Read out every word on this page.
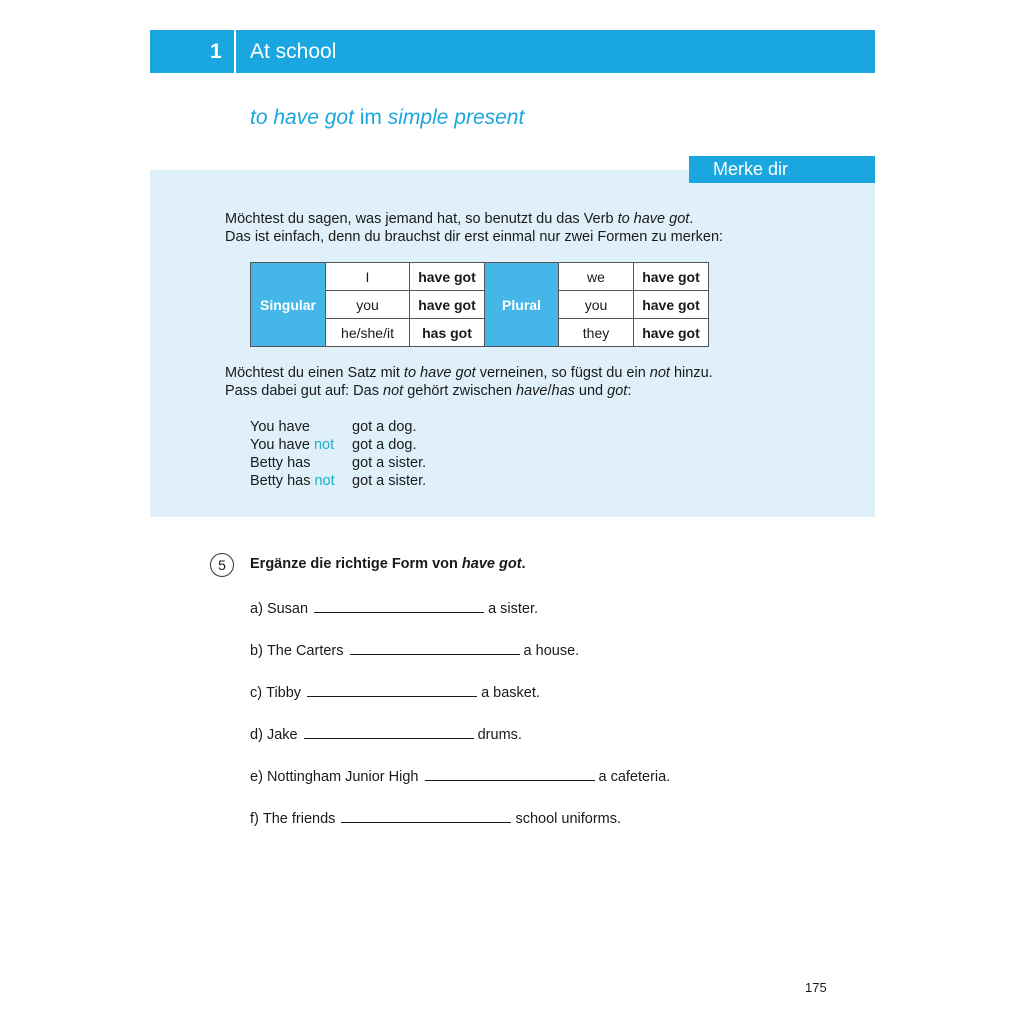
1 At school
to have got im simple present
Merke dir
Möchtest du sagen, was jemand hat, so benutzt du das Verb to have got.
Das ist einfach, denn du brauchst dir erst einmal nur zwei Formen zu merken:
Singular	I	have got	Plural	we	have got
	you	have got		you	have got
	he/she/it	has got		they	have got
Möchtest du einen Satz mit to have got verneinen, so fügst du ein not hinzu.
Pass dabei gut auf: Das not gehört zwischen have/has und got:
You have	got a dog.
You have not	got a dog.
Betty has	got a sister.
Betty has not	got a sister.
5	Ergänze die richtige Form von have got.
a) Susan	a sister.
b) The Carters	a house.
c) Tibby	a basket.
d) Jake	drums.
e) Nottingham Junior High	a cafeteria.
f) The friends	school uniforms.
175
